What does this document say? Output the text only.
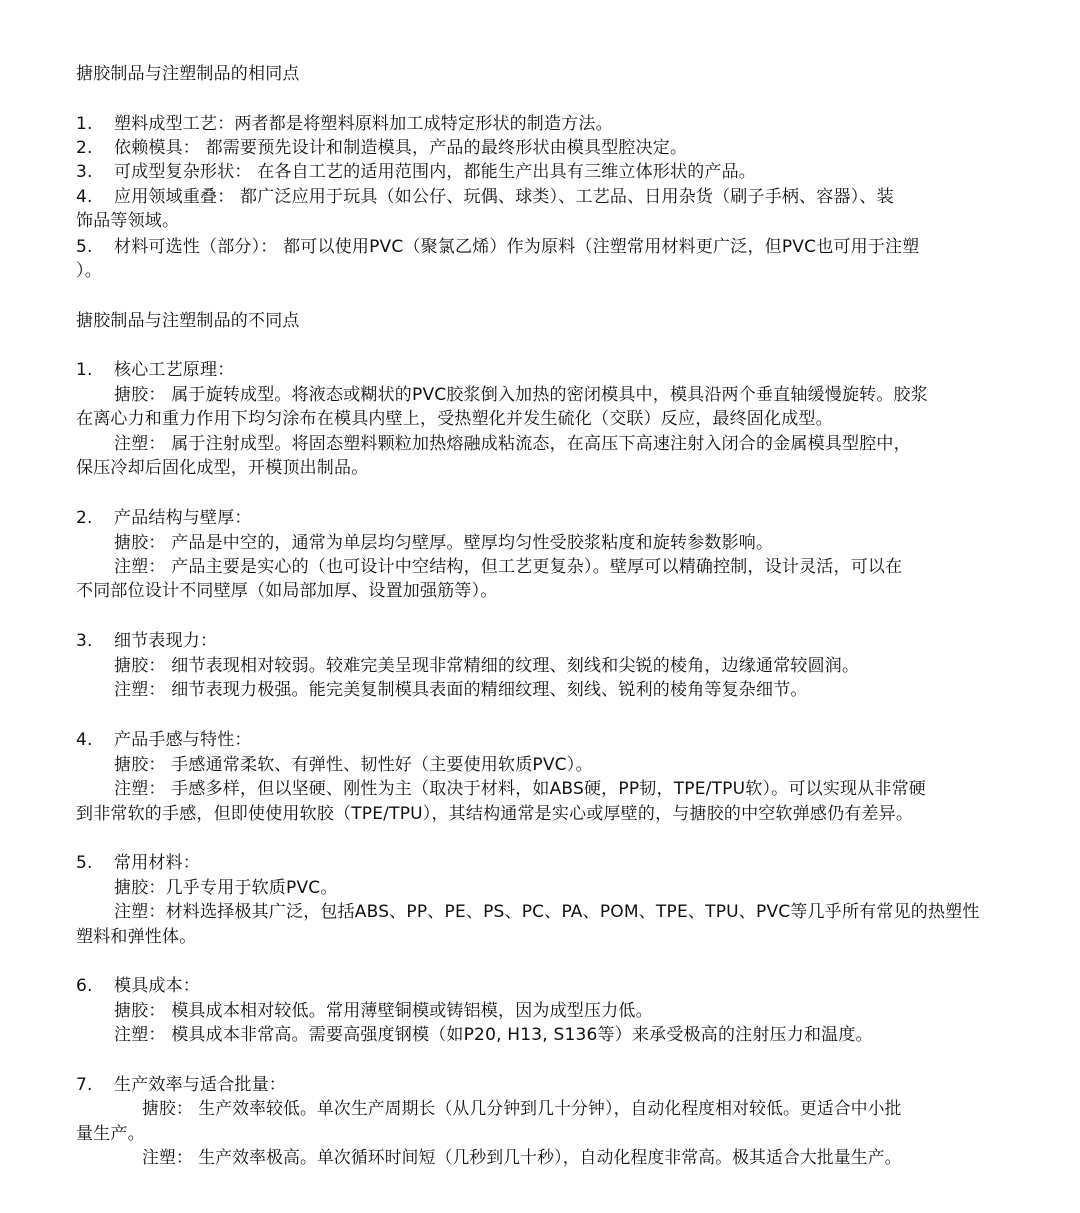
搪胶制品与注塑制品的相同点
1. 塑料成型工艺：两者都是将塑料原料加工成特定形状的制造方法。
2. 依赖模具： 都需要预先设计和制造模具，产品的最终形状由模具型腔决定。
3. 可成型复杂形状： 在各自工艺的适用范围内，都能生产出具有三维立体形状的产品。
4. 应用领域重叠： 都广泛应用于玩具（如公仔、玩偶、球类）、工艺品、日用杂货（刷子手柄、容器）、装
饰品等领域。
5. 材料可选性（部分）： 都可以使用PVC（聚氯乙烯）作为原料（注塑常用材料更广泛，但PVC也可用于注塑
）。
搪胶制品与注塑制品的不同点
1. 核心工艺原理：
搪胶： 属于旋转成型。将液态或糊状的PVC胶浆倒入加热的密闭模具中，模具沿两个垂直轴缓慢旋转。胶浆
在离心力和重力作用下均匀涂布在模具内壁上，受热塑化并发生硫化（交联）反应，最终固化成型。
注塑： 属于注射成型。将固态塑料颗粒加热熔融成粘流态，在高压下高速注射入闭合的金属模具型腔中，
保压冷却后固化成型，开模顶出制品。
2. 产品结构与壁厚：
搪胶： 产品是中空的，通常为单层均匀壁厚。壁厚均匀性受胶浆粘度和旋转参数影响。
注塑： 产品主要是实心的（也可设计中空结构，但工艺更复杂）。壁厚可以精确控制，设计灵活，可以在
不同部位设计不同壁厚（如局部加厚、设置加强筋等）。
3. 细节表现力：
搪胶： 细节表现相对较弱。较难完美呈现非常精细的纹理、刻线和尖锐的棱角，边缘通常较圆润。
注塑： 细节表现力极强。能完美复制模具表面的精细纹理、刻线、锐利的棱角等复杂细节。
4. 产品手感与特性：
搪胶： 手感通常柔软、有弹性、韧性好（主要使用软质PVC）。
注塑： 手感多样，但以坚硬、刚性为主（取决于材料，如ABS硬，PP韧，TPE/TPU软）。可以实现从非常硬
到非常软的手感，但即使使用软胶（TPE/TPU），其结构通常是实心或厚壁的，与搪胶的中空软弹感仍有差异。
5. 常用材料：
搪胶：几乎专用于软质PVC。
注塑：材料选择极其广泛，包括ABS、PP、PE、PS、PC、PA、POM、TPE、TPU、PVC等几乎所有常见的热塑性
塑料和弹性体。
6. 模具成本：
搪胶： 模具成本相对较低。常用薄壁铜模或铸铝模，因为成型压力低。
注塑： 模具成本非常高。需要高强度钢模（如P20, H13, S136等）来承受极高的注射压力和温度。
7. 生产效率与适合批量：
搪胶： 生产效率较低。单次生产周期长（从几分钟到几十分钟），自动化程度相对较低。更适合中小批
量生产。
注塑： 生产效率极高。单次循环时间短（几秒到几十秒），自动化程度非常高。极其适合大批量生产。
